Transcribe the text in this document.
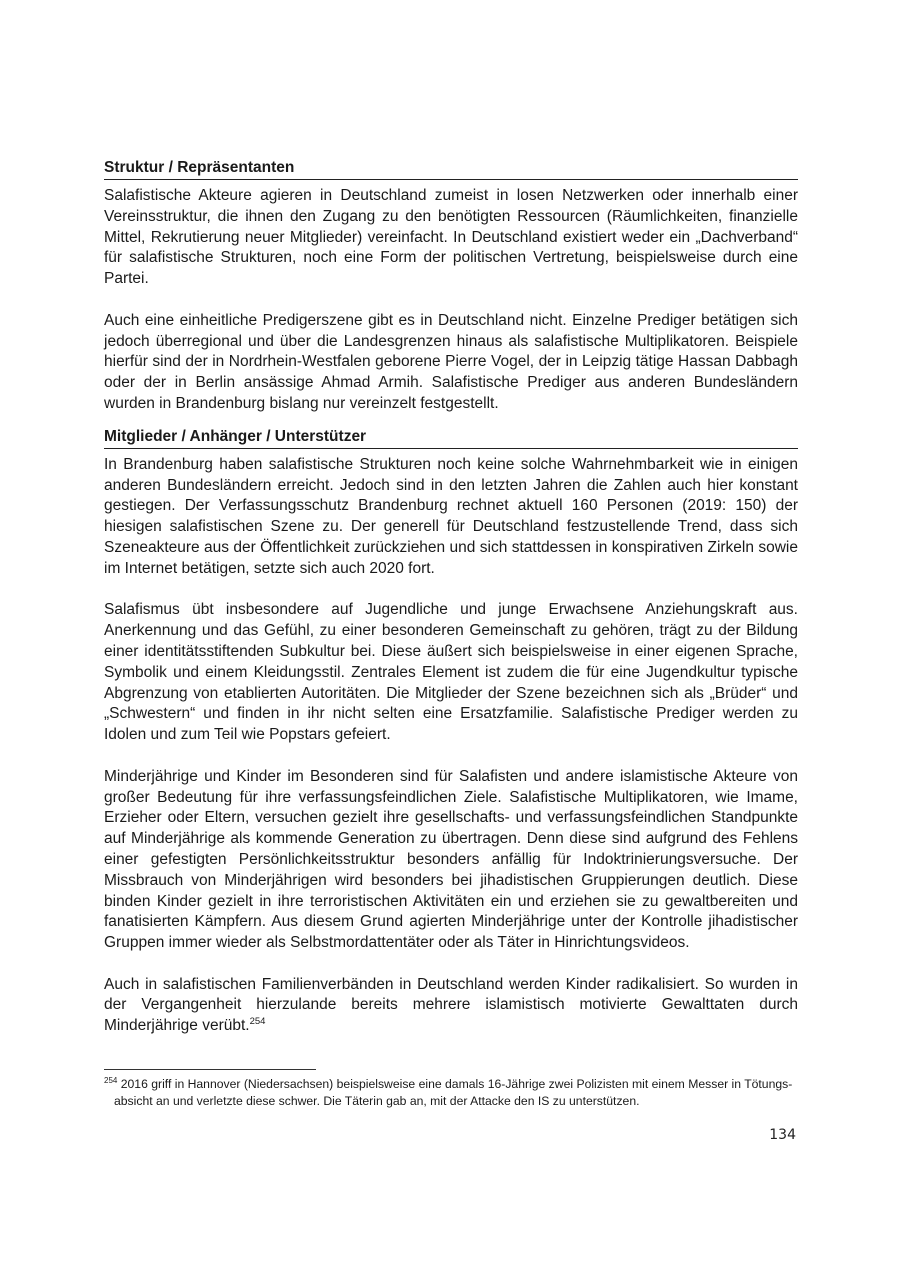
Struktur / Repräsentanten

Salafistische Akteure agieren in Deutschland zumeist in losen Netzwerken oder innerhalb einer Vereinsstruktur, die ihnen den Zugang zu den benötigten Ressourcen (Räumlichkeiten, finanzielle Mittel, Rekrutierung neuer Mitglieder) vereinfacht. In Deutschland existiert weder ein „Dachverband“ für salafistische Strukturen, noch eine Form der politischen Vertretung, beispielsweise durch eine Partei.

Auch eine einheitliche Predigerszene gibt es in Deutschland nicht. Einzelne Prediger betätigen sich jedoch überregional und über die Landesgrenzen hinaus als salafistische Multiplikatoren. Beispiele hierfür sind der in Nordrhein-Westfalen geborene Pierre Vogel, der in Leipzig tätige Hassan Dabbagh oder der in Berlin ansässige Ahmad Armih. Salafistische Prediger aus anderen Bundesländern wurden in Brandenburg bislang nur vereinzelt festgestellt.

Mitglieder / Anhänger / Unterstützer

In Brandenburg haben salafistische Strukturen noch keine solche Wahrnehmbarkeit wie in einigen anderen Bundesländern erreicht. Jedoch sind in den letzten Jahren die Zahlen auch hier konstant gestiegen. Der Verfassungsschutz Brandenburg rechnet aktuell 160 Personen (2019: 150) der hiesigen salafistischen Szene zu. Der generell für Deutschland festzustellende Trend, dass sich Szeneakteure aus der Öffentlichkeit zurückziehen und sich stattdessen in konspirativen Zirkeln sowie im Internet betätigen, setzte sich auch 2020 fort.

Salafismus übt insbesondere auf Jugendliche und junge Erwachsene Anziehungskraft aus. Anerkennung und das Gefühl, zu einer besonderen Gemeinschaft zu gehören, trägt zu der Bildung einer identitätsstiftenden Subkultur bei. Diese äußert sich beispielsweise in einer eigenen Sprache, Symbolik und einem Kleidungsstil. Zentrales Element ist zudem die für eine Jugendkultur typische Abgrenzung von etablierten Autoritäten. Die Mitglieder der Szene bezeichnen sich als „Brüder“ und „Schwestern“ und finden in ihr nicht selten eine Ersatzfamilie. Salafistische Prediger werden zu Idolen und zum Teil wie Popstars gefeiert.

Minderjährige und Kinder im Besonderen sind für Salafisten und andere islamistische Akteure von großer Bedeutung für ihre verfassungsfeindlichen Ziele. Salafistische Multiplikatoren, wie Imame, Erzieher oder Eltern, versuchen gezielt ihre gesellschafts- und verfassungsfeindlichen Standpunkte auf Minderjährige als kommende Generation zu übertragen. Denn diese sind aufgrund des Fehlens einer gefestigten Persönlichkeitsstruktur besonders anfällig für Indoktrinierungsversuche. Der Missbrauch von Minderjährigen wird besonders bei jihadistischen Gruppierungen deutlich. Diese binden Kinder gezielt in ihre terroristischen Aktivitäten ein und erziehen sie zu gewaltbereiten und fanatisierten Kämpfern. Aus diesem Grund agierten Minderjährige unter der Kontrolle jihadistischer Gruppen immer wieder als Selbstmordattentäter oder als Täter in Hinrichtungsvideos.

Auch in salafistischen Familienverbänden in Deutschland werden Kinder radikalisiert. So wurden in der Vergangenheit hierzulande bereits mehrere islamistisch motivierte Gewalttaten durch Minderjährige verübt.$^{254}$

$^{254}$ 2016 griff in Hannover (Niedersachsen) beispielsweise eine damals 16-Jährige zwei Polizisten mit einem Messer in Tötungsabsicht an und verletzte diese schwer. Die Täterin gab an, mit der Attacke den IS zu unterstützen.
134
